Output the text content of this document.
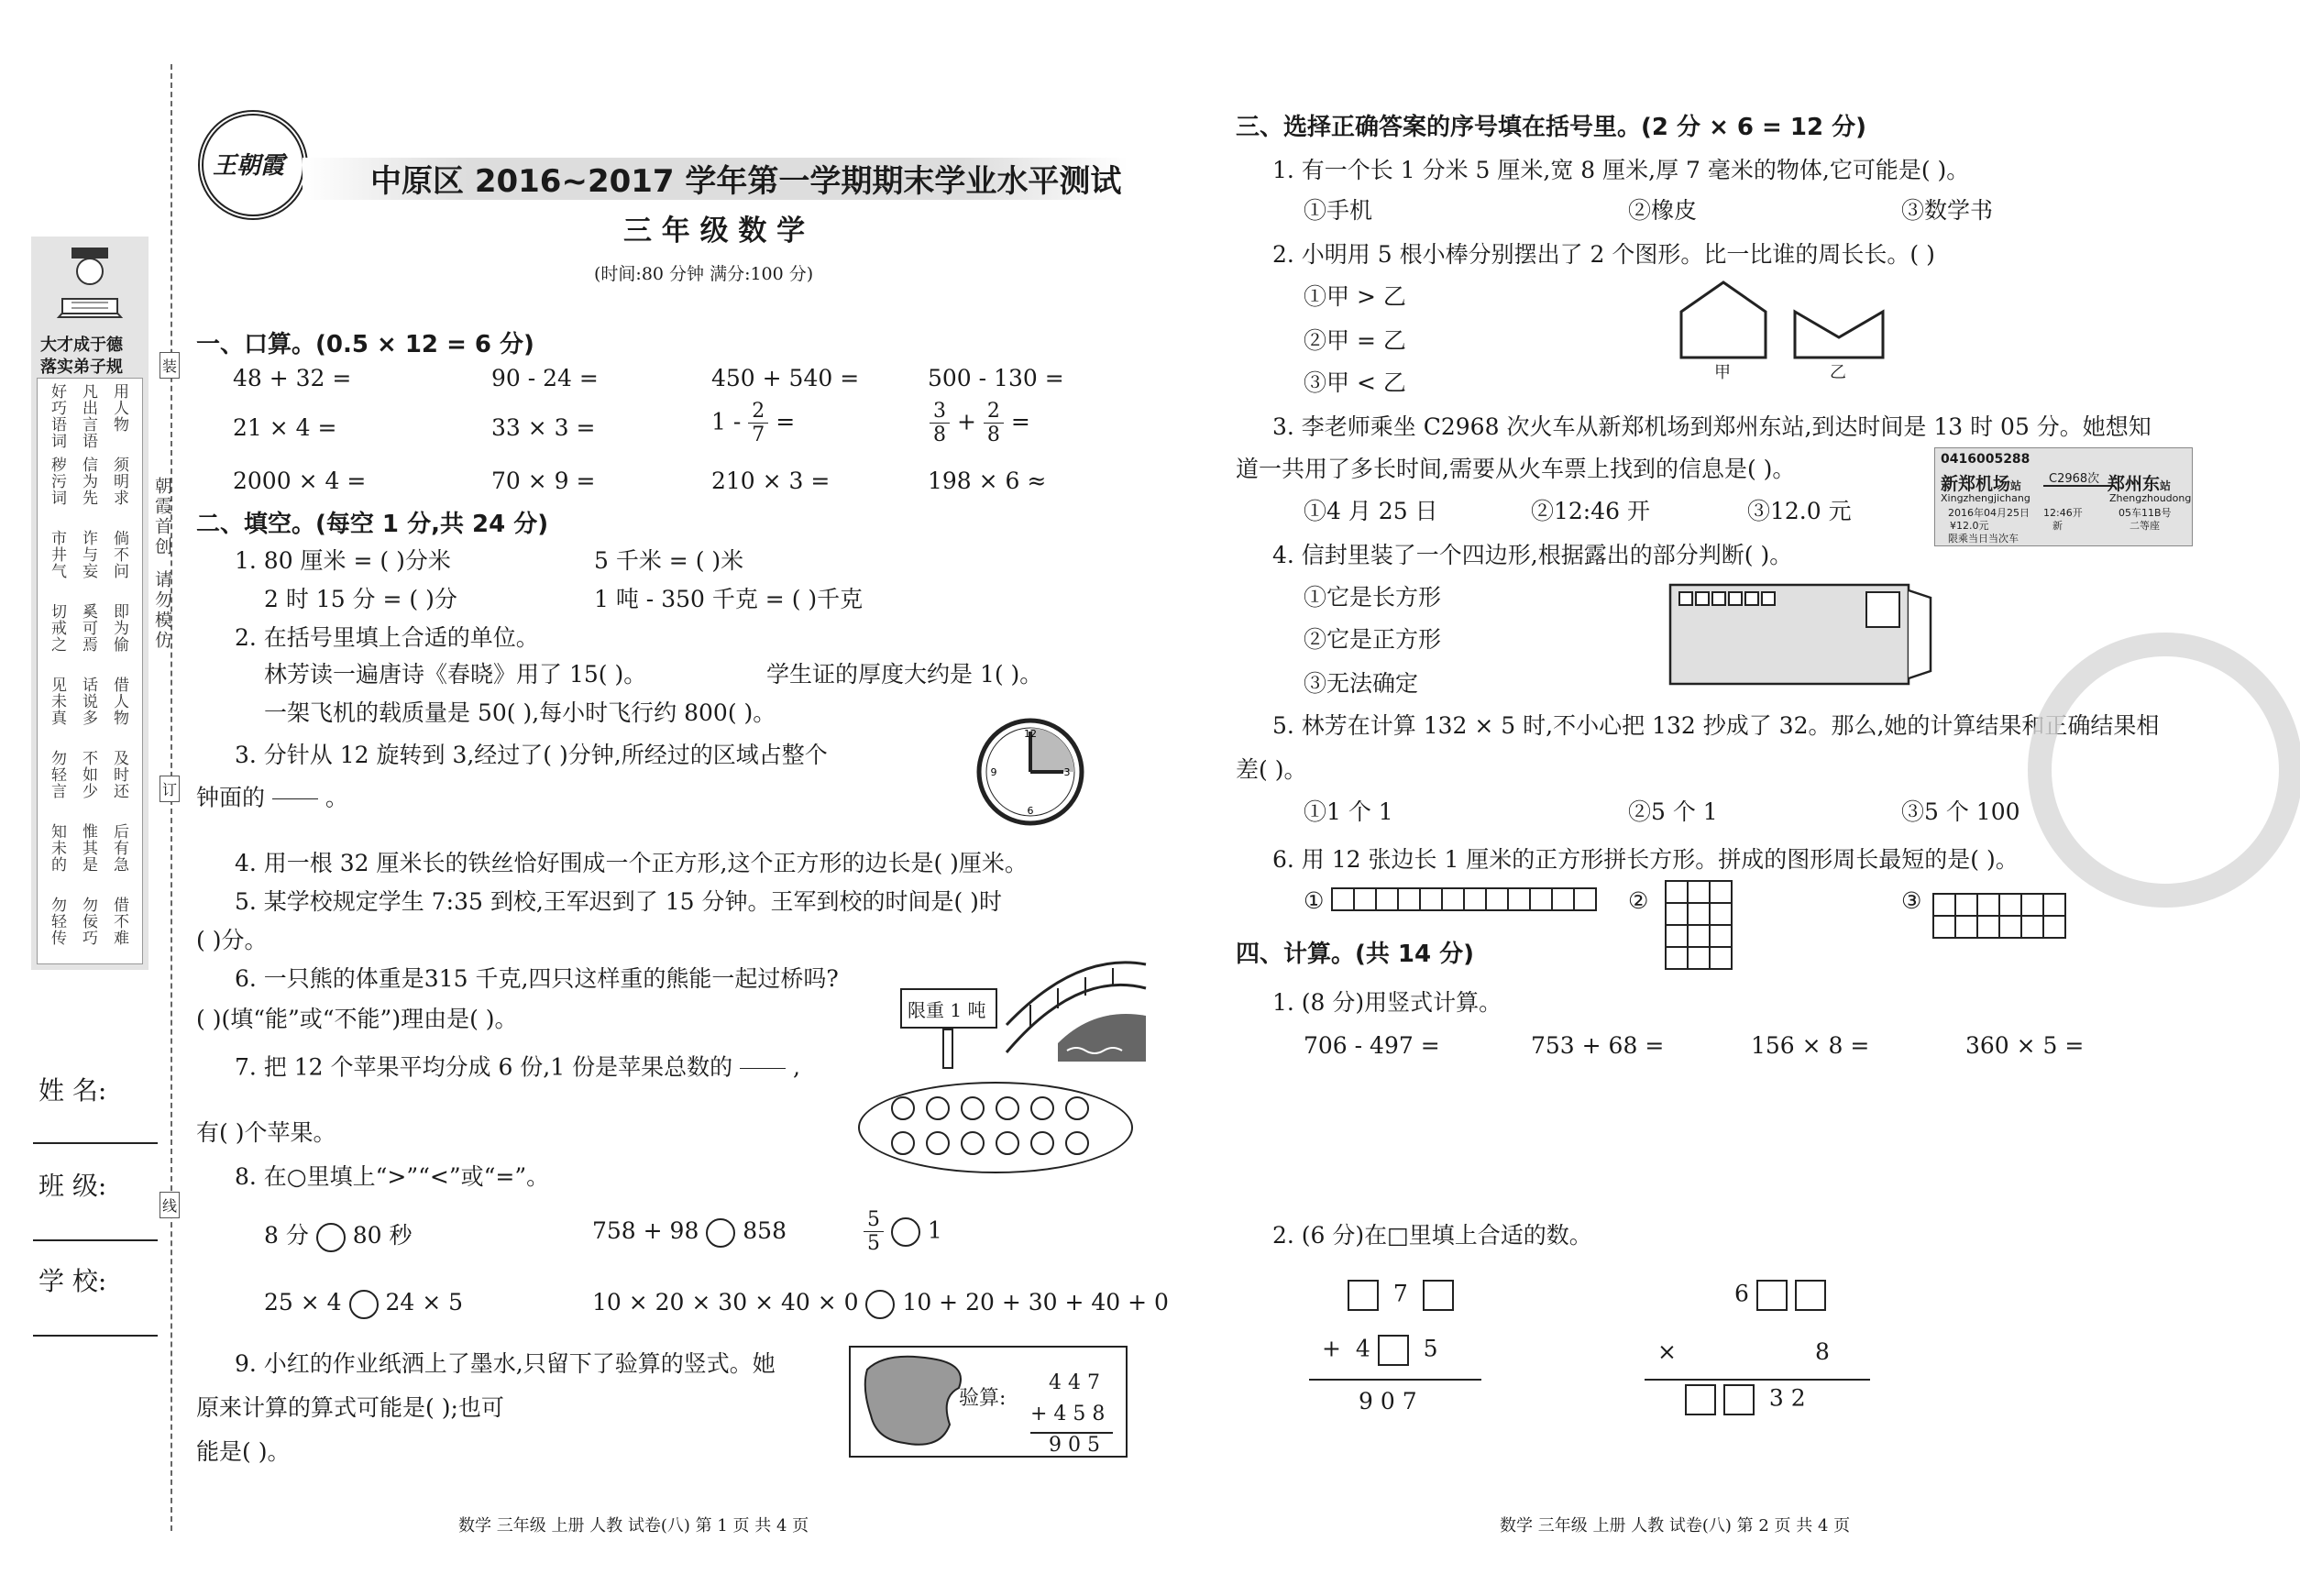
大才成于德
落实弟子规
好巧语词 凡出言语 用人物
秽污词 信为先 须明求
市井气 诈与妄 倘不问
切戒之 奚可焉 即为偷
见未真 话说多 借人物
勿轻言 不如少 及时还
知未的 惟其是 后有急
勿轻传 勿佞巧 借不难
姓 名:
班 级:
学 校:
装
订
线
朝霞首创
请勿模仿
王朝霞	中原区 2016~2017 学年第一学期期末学业水平测试
三 年 级 数 学
(时间:80 分钟 满分:100 分)
一、口算。(0.5 × 12 = 6 分)
48 + 32 =	90 - 24 =	450 + 540 =	500 - 130 =
21 × 4 =	33 × 3 =	$1 - \frac{2}{7}$ =	$\frac{3}{8} + \frac{2}{8}$ =
2000 × 4 =	70 × 9 =	210 × 3 =	198 × 6 ≈
二、填空。(每空 1 分,共 24 分)
1. 80 厘米 = ( )分米	5 千米 = ( )米
2 时 15 分 = ( )分	1 吨 - 350 千克 = ( )千克
2. 在括号里填上合适的单位。
林芳读一遍唐诗《春晓》用了 15( )。	学生证的厚度大约是 1( )。
一架飞机的载质量是 50( ),每小时飞行约 800( )。
3. 分针从 12 旋转到 3,经过了( )分钟,所经过的区域占整个
钟面的

	。
12
3
6
9
4. 用一根 32 厘米长的铁丝恰好围成一个正方形,这个正方形的边长是( )厘米。
5. 某学校规定学生 7:35 到校,王军迟到了 15 分钟。王军到校的时间是( )时
( )分。
6. 一只熊的体重是315 千克,四只这样重的熊能一起过桥吗?
( )(填“能”或“不能”)理由是( )。	限重 1 吨
7. 把 12 个苹果平均分成 6 份,1 份是苹果总数的

	,
有( )个苹果。
8. 在○里填上“>”“<”或“=”。
8 分 80 秒	758 + 98 858	$\frac{5}{5} 1$
25 × 4 24 × 5	10 × 20 × 30 × 40 × 0 10 + 20 + 30 + 40 + 0
9. 小红的作业纸洒上了墨水,只留下了验算的竖式。她
原来计算的算式可能是( );也可
能是( )。
验算:
4 4 7
+ 4 5 8
9 0 5
数学 三年级 上册 人教 试卷(八) 第 1 页 共 4 页
三、选择正确答案的序号填在括号里。(2 分 × 6 = 12 分)
1. 有一个长 1 分米 5 厘米,宽 8 厘米,厚 7 毫米的物体,它可能是( )。
①手机	②橡皮	③数学书
2. 小明用 5 根小棒分别摆出了 2 个图形。比一比谁的周长长。( )
①甲 > 乙
②甲 = 乙
③甲 < 乙	甲	乙
3. 李老师乘坐 C2968 次火车从新郑机场到郑州东站,到达时间是 13 时 05 分。她想知
道一共用了多长时间,需要从火车票上找到的信息是( )。
①4 月 25 日	②12:46 开	③12.0 元
0416005288
新郑机场站 C2968次 郑州东站
Xingzhengjichang	Zhengzhoudong
2016年04月25日 12:46开	05车11B号
¥12.0元	新	二等座
限乘当日当次车
4. 信封里装了一个四边形,根据露出的部分判断( )。
①它是长方形
②它是正方形
③无法确定
5. 林芳在计算 132 × 5 时,不小心把 132 抄成了 32。那么,她的计算结果和正确结果相
差( )。
①1 个 1	②5 个 1	③5 个 100
6. 用 12 张边长 1 厘米的正方形拼长方形。拼成的图形周长最短的是( )。
①	②	③
四、计算。(共 14 分)
1. (8 分)用竖式计算。
706 - 497 =	753 + 68 =	156 × 8 =	360 × 5 =
2. (6 分)在□里填上合适的数。
7
+ 4 5
9 0 7
6
×	8
3 2
数学 三年级 上册 人教 试卷(八) 第 2 页 共 4 页
